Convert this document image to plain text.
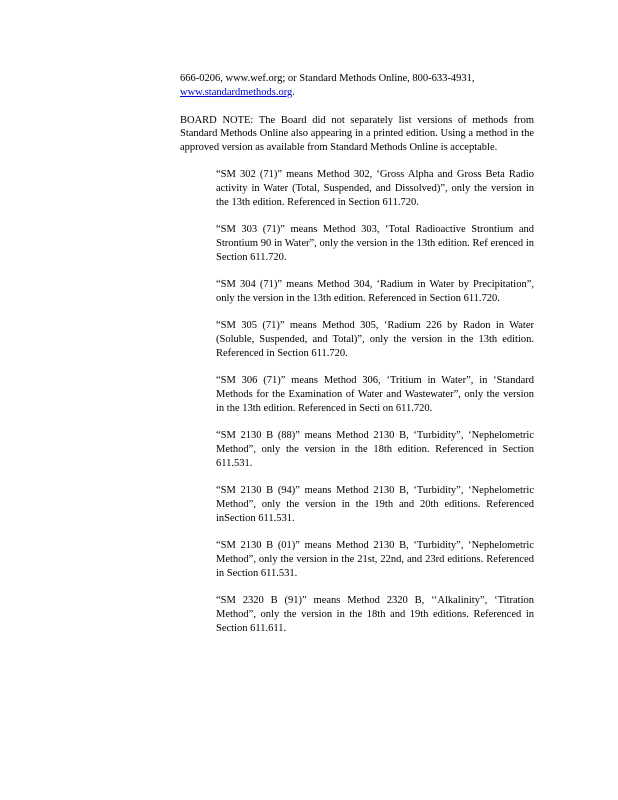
666-0206, www.wef.org; or Standard Methods Online, 800-633-4931,
www.standardmethods.org.

BOARD NOTE: The Board did not separately list versions of methods from Standard Methods Online also appearing in a printed edition. Using a method in the approved version as available from Standard Methods Online is acceptable.

“SM 302 (71)” means Method 302, ‘Gross Alpha and Gross Beta Radio activity in Water (Total, Suspended, and Dissolved)”, only the version in the 13th edition. Referenced in Section 611.720.

“SM 303 (71)” means Method 303, ‘Total Radioactive Strontium and Strontium 90 in Water”, only the version in the 13th edition. Ref erenced in Section 611.720.

“SM 304 (71)” means Method 304, ‘Radium in Water by Precipitation”, only the version in the 13th edition. Referenced in Section 611.720.

“SM 305 (71)” means Method 305, ‘Radium 226 by Radon in Water (Soluble, Suspended, and Total)”, only the version in the 13th edition. Referenced in Section 611.720.

“SM 306 (71)” means Method 306, ‘Tritium in Water”, in ‘Standard Methods for the Examination of Water and Wastewater”, only the version in the 13th edition. Referenced in Secti on 611.720.

“SM 2130 B (88)” means Method 2130 B, ‘Turbidity”, ‘Nephelometric Method”, only the version in the 18th edition. Referenced in Section 611.531.

“SM 2130 B (94)” means Method 2130 B, ‘Turbidity”, ‘Nephelometric Method”, only the version in the 19th and 20th editions. Referenced inSection 611.531.

“SM 2130 B (01)” means Method 2130 B, ‘Turbidity”, ‘Nephelometric Method”, only the version in the 21st, 22nd, and 23rd editions. Referenced in Section 611.531.

“SM 2320 B (91)” means Method 2320 B, ‘‘Alkalinity”, ‘Titration Method”, only the version in the 18th and 19th editions. Referenced in Section 611.611.
